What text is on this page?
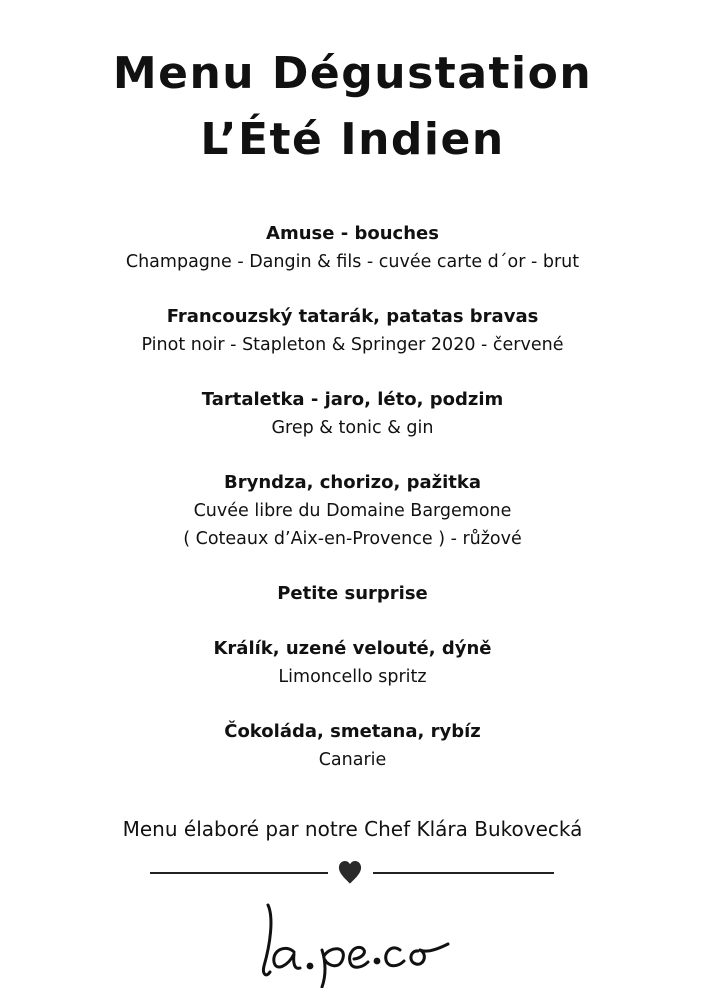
Menu Dégustation
L’Été Indien
Amuse - bouches
Champagne - Dangin & fils - cuvée carte d´or - brut
Francouzský tatarák, patatas bravas
Pinot noir - Stapleton & Springer 2020 - červené
Tartaletka - jaro, léto, podzim
Grep & tonic & gin
Bryndza, chorizo, pažitka
Cuvée libre du Domaine Bargemone
( Coteaux d’Aix-en-Provence ) - růžové
Petite surprise
Králík, uzené velouté, dýně
Limoncello spritz
Čokoláda, smetana, rybíz
Canarie
Menu élaboré par notre Chef Klára Bukovecká
